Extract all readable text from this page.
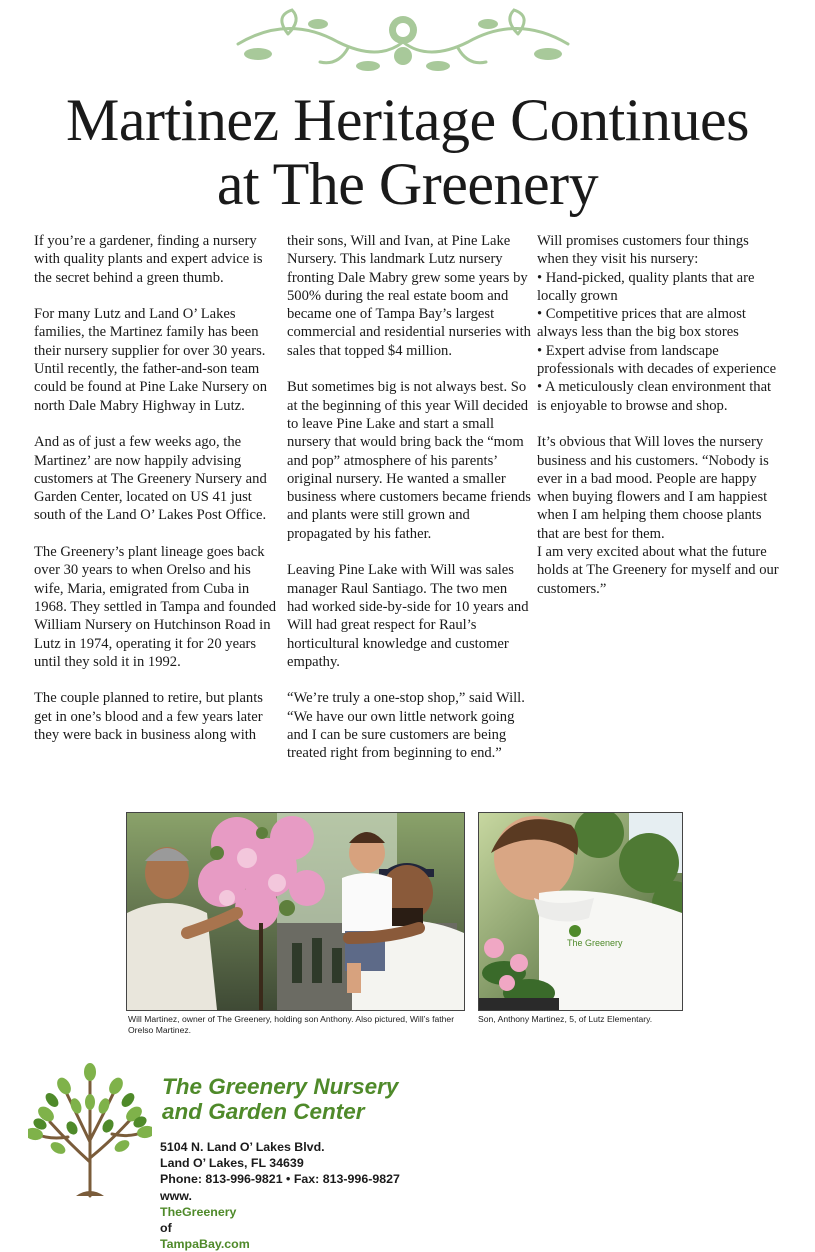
Martinez Heritage Continues
at The Greenery

If you’re a gardener, finding a nursery with quality plants and expert advice is the secret behind a green thumb.

For many Lutz and Land O’ Lakes families, the Martinez family has been their nursery supplier for over 30 years. Until recently, the father-and-son team could be found at Pine Lake Nursery on north Dale Mabry Highway in Lutz.

And as of just a few weeks ago, the Martinez’ are now happily advising customers at The Greenery Nursery and Garden Center, located on US 41 just south of the Land O’ Lakes Post Office.

The Greenery’s plant lineage goes back over 30 years to when Orelso and his wife, Maria, emigrated from Cuba in 1968. They settled in Tampa and founded William Nursery on Hutchinson Road in Lutz in 1974, operating it for 20 years until they sold it in 1992.

The couple planned to retire, but plants get in one’s blood and a few years later they were back in business along with

their sons, Will and Ivan, at Pine Lake Nursery. This landmark Lutz nursery fronting Dale Mabry grew some years by 500% during the real estate boom and became one of Tampa Bay’s largest commercial and residential nurseries with sales that topped $4 million.

But sometimes big is not always best. So at the beginning of this year Will decided to leave Pine Lake and start a small nursery that would bring back the “mom and pop” atmosphere of his parents’ original nursery. He wanted a smaller business where customers became friends and plants were still grown and propagated by his father.

Leaving Pine Lake with Will was sales manager Raul Santiago. The two men had worked side-by-side for 10 years and Will had great respect for Raul’s horticultural knowledge and customer empathy.

“We’re truly a one-stop shop,” said Will. “We have our own little network going and I can be sure customers are being treated right from beginning to end.”

Will promises customers four things when they visit his nursery:
• Hand-picked, quality plants that are locally grown
• Competitive prices that are almost always less than the big box stores
• Expert advise from landscape professionals with decades of experience
• A meticulously clean environment that is enjoyable to browse and shop.

It’s obvious that Will loves the nursery business and his customers. “Nobody is ever in a bad mood. People are happy when buying flowers and I am happiest when I am helping them choose plants that are best for them.
I am very excited about what the future holds at The Greenery for myself and our customers.”

Will Martinez, owner of The Greenery, holding son Anthony. Also pictured, Will’s father Orelso Martinez.
The Greenery
Son, Anthony Martinez, 5, of Lutz Elementary.
The Greenery Nursery
and Garden Center
5104 N. Land O’ Lakes Blvd.
Land O’ Lakes, FL 34639
Phone: 813-996-9821 • Fax: 813-996-9827
www.
TheGreenery
of
TampaBay.com
